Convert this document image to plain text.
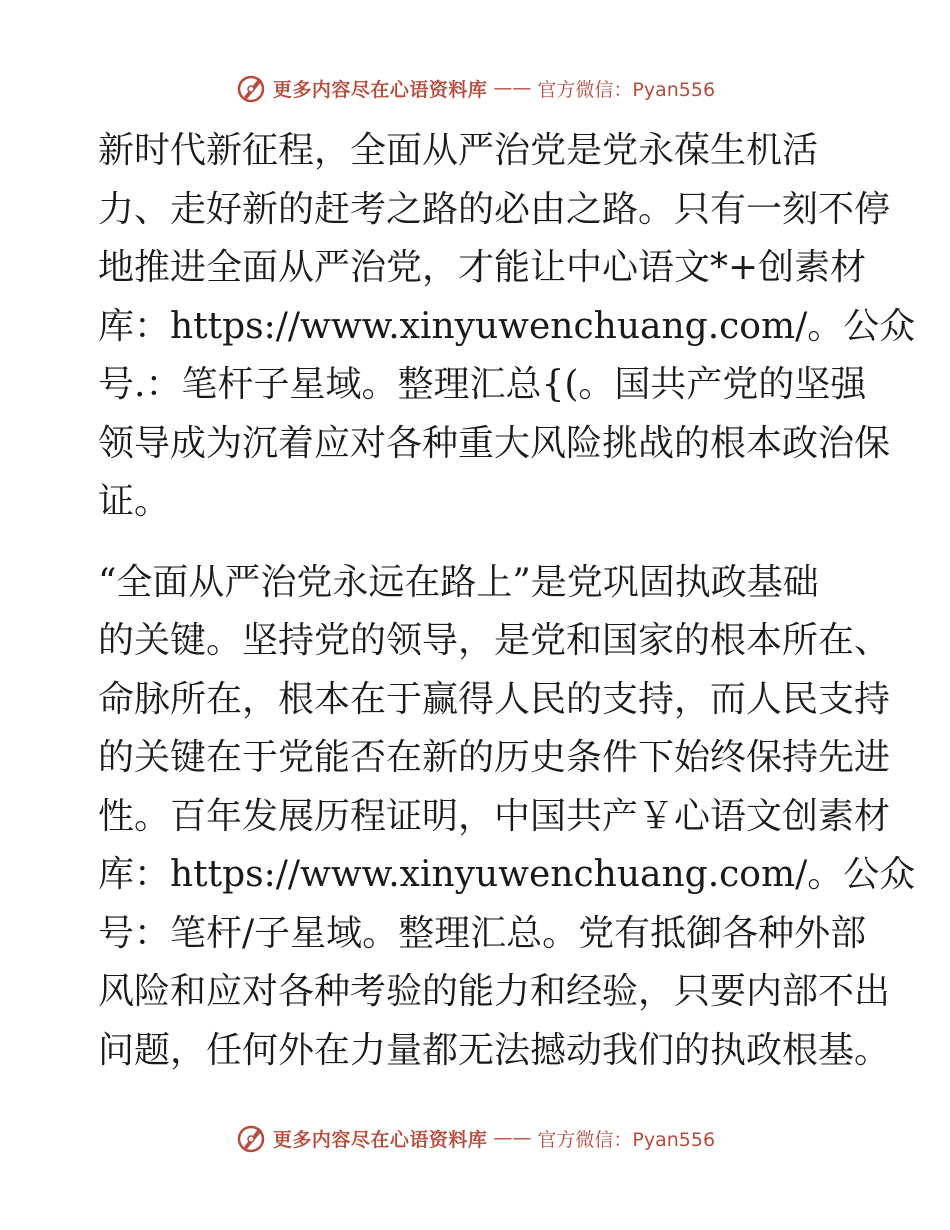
更多内容尽在心语资料库 —— 官方微信：Pyan556

新时代新征程，全面从严治党是党永葆生机活
力、走好新的赶考之路的必由之路。只有一刻不停
地推进全面从严治党，才能让中心语文*+创素材
库：https://www.xinyuwenchuang.com/。公众
号.：笔杆子星域。整理汇总{(。国共产党的坚强
领导成为沉着应对各种重大风险挑战的根本政治保
证。

“全面从严治党永远在路上”是党巩固执政基础
的关键。坚持党的领导，是党和国家的根本所在、
命脉所在，根本在于赢得人民的支持，而人民支持
的关键在于党能否在新的历史条件下始终保持先进
性。百年发展历程证明，中国共产￥心语文创素材
库：https://www.xinyuwenchuang.com/。公众
号：笔杆/子星域。整理汇总。党有抵御各种外部
风险和应对各种考验的能力和经验，只要内部不出
问题，任何外在力量都无法撼动我们的执政根基。

更多内容尽在心语资料库 —— 官方微信：Pyan556
